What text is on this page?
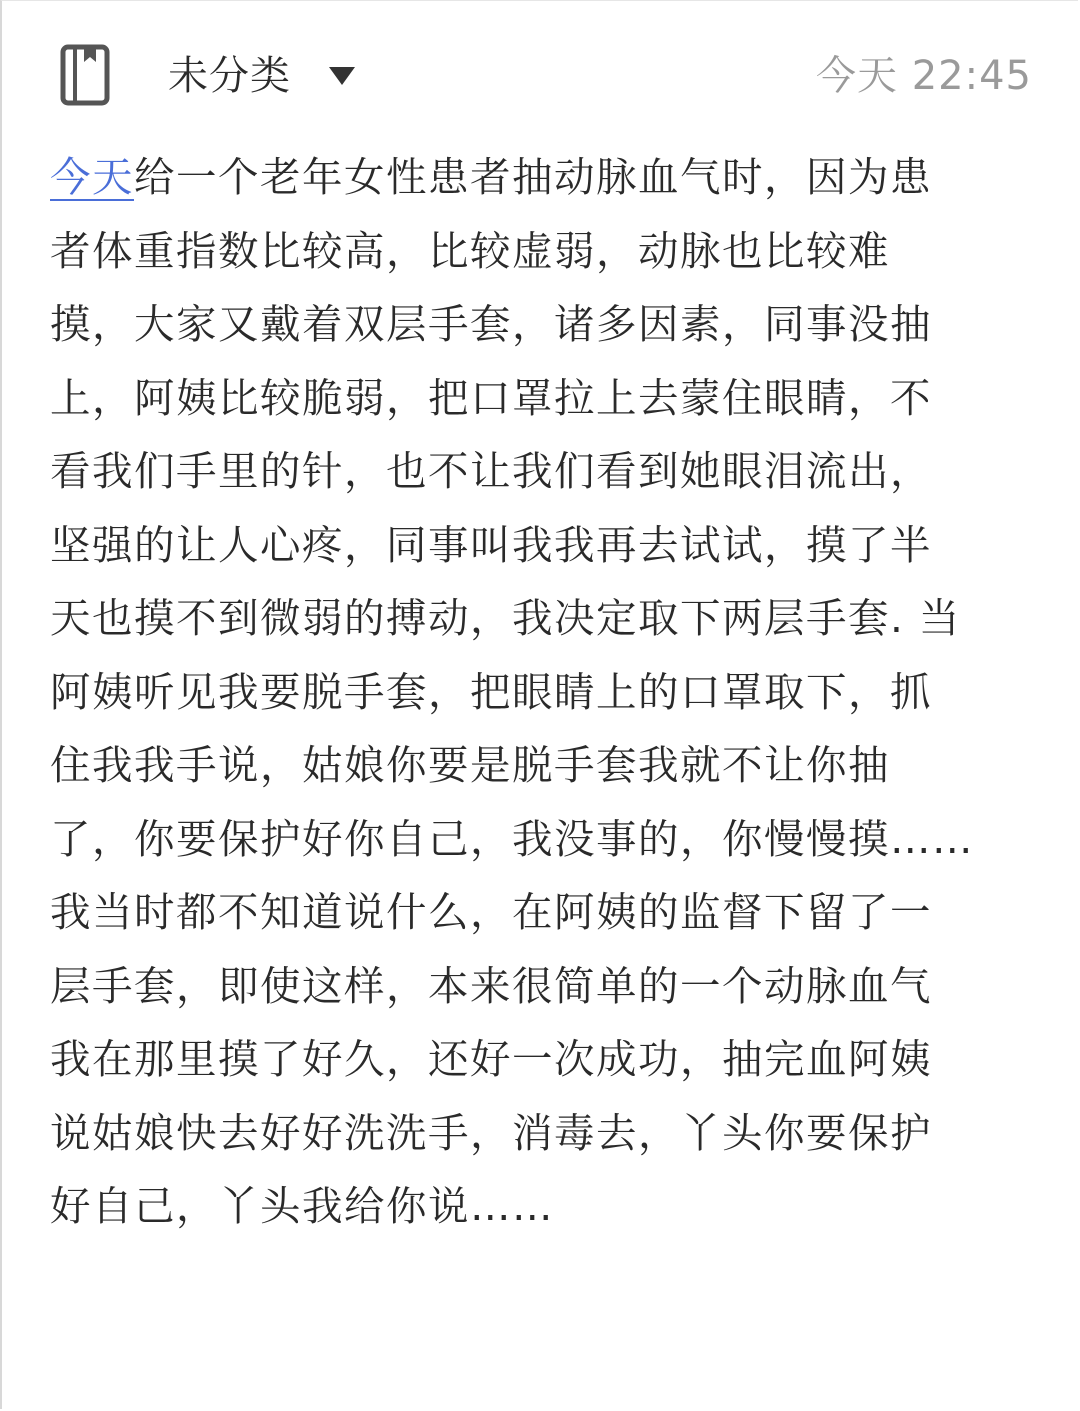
未分类	今天 22:45
今天给一个老年女性患者抽动脉血气时，因为患
者体重指数比较高，比较虚弱，动脉也比较难
摸，大家又戴着双层手套，诸多因素，同事没抽
上，阿姨比较脆弱，把口罩拉上去蒙住眼睛，不
看我们手里的针，也不让我们看到她眼泪流出，
坚强的让人心疼，同事叫我我再去试试，摸了半
天也摸不到微弱的搏动，我决定取下两层手套. 当
阿姨听见我要脱手套，把眼睛上的口罩取下，抓
住我我手说，姑娘你要是脱手套我就不让你抽
了，你要保护好你自己，我没事的，你慢慢摸……
我当时都不知道说什么，在阿姨的监督下留了一
层手套，即使这样，本来很简单的一个动脉血气
我在那里摸了好久，还好一次成功，抽完血阿姨
说姑娘快去好好洗洗手，消毒去，丫头你要保护
好自己，丫头我给你说……
